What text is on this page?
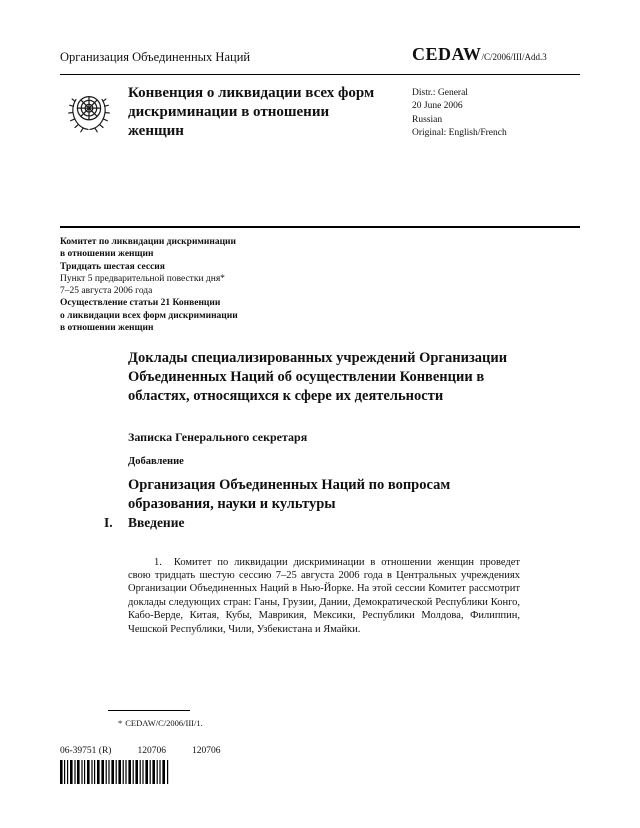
Организация Объединенных Наций	CEDAW/C/2006/III/Add.3
Конвенция о ликвидации всех форм дискриминации в отношении женщин
Distr.: General
20 June 2006
Russian
Original: English/French
Комитет по ликвидации дискриминации
в отношении женщин
Тридцать шестая сессия
Пункт 5 предварительной повестки дня*
7–25 августа 2006 года
Осуществление статьи 21 Конвенции
о ликвидации всех форм дискриминации
в отношении женщин
Доклады специализированных учреждений Организации Объединенных Наций об осуществлении Конвенции в областях, относящихся к сфере их деятельности
Записка Генерального секретаря
Добавление
Организация Объединенных Наций по вопросам образования, науки и культуры
I. Введение

1. Комитет по ликвидации дискриминации в отношении женщин проведет свою тридцать шестую сессию 7–25 августа 2006 года в Центральных учреждениях Организации Объединенных Наций в Нью-Йорке. На этой сессии Комитет рассмотрит доклады следующих стран: Ганы, Грузии, Дании, Демократической Республики Конго, Кабо-Верде, Китая, Кубы, Маврикия, Мексики, Республики Молдова, Филиппин, Чешской Республики, Чили, Узбекистана и Ямайки.

* CEDAW/C/2006/III/1.
06-39751 (R)	120706	120706
